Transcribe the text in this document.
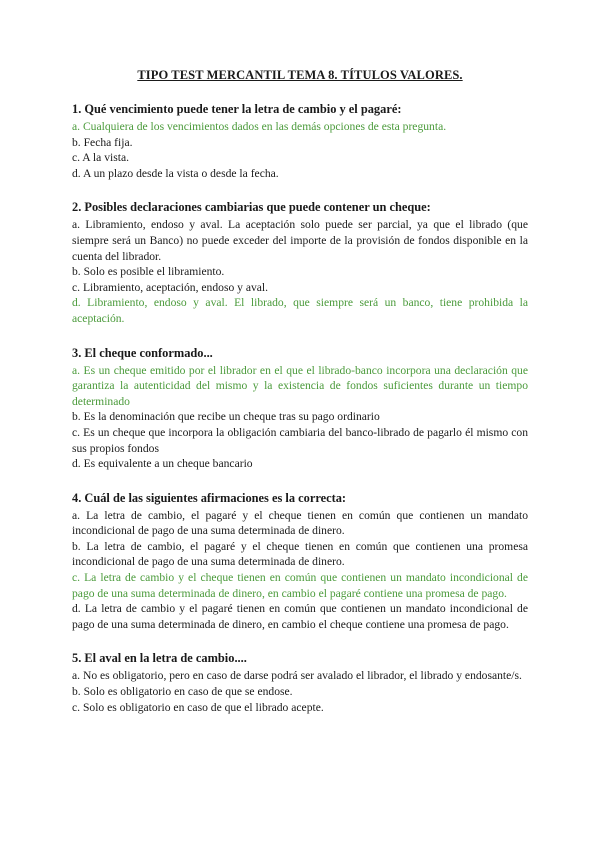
TIPO TEST MERCANTIL TEMA 8. TÍTULOS VALORES.
1. Qué vencimiento puede tener la letra de cambio y el pagaré:

a. Cualquiera de los vencimientos dados en las demás opciones de esta pregunta.

b. Fecha fija.

c. A la vista.

d. A un plazo desde la vista o desde la fecha.

2. Posibles declaraciones cambiarias que puede contener un cheque:

a. Libramiento, endoso y aval. La aceptación solo puede ser parcial, ya que el librado (que siempre será un Banco) no puede exceder del importe de la provisión de fondos disponible en la cuenta del librador.

b. Solo es posible el libramiento.

c. Libramiento, aceptación, endoso y aval.

d. Libramiento, endoso y aval. El librado, que siempre será un banco, tiene prohibida la aceptación.

3. El cheque conformado...

a. Es un cheque emitido por el librador en el que el librado-banco incorpora una declaración que garantiza la autenticidad del mismo y la existencia de fondos suficientes durante un tiempo determinado

b. Es la denominación que recibe un cheque tras su pago ordinario

c. Es un cheque que incorpora la obligación cambiaria del banco-librado de pagarlo él mismo con sus propios fondos

d. Es equivalente a un cheque bancario

4. Cuál de las siguientes afirmaciones es la correcta:

a. La letra de cambio, el pagaré y el cheque tienen en común que contienen un mandato incondicional de pago de una suma determinada de dinero.

b. La letra de cambio, el pagaré y el cheque tienen en común que contienen una promesa incondicional de pago de una suma determinada de dinero.

c. La letra de cambio y el cheque tienen en común que contienen un mandato incondicional de pago de una suma determinada de dinero, en cambio el pagaré contiene una promesa de pago.

d. La letra de cambio y el pagaré tienen en común que contienen un mandato incondicional de pago de una suma determinada de dinero, en cambio el cheque contiene una promesa de pago.

5. El aval en la letra de cambio....

a. No es obligatorio, pero en caso de darse podrá ser avalado el librador, el librado y endosante/s.

b. Solo es obligatorio en caso de que se endose.

c. Solo es obligatorio en caso de que el librado acepte.
